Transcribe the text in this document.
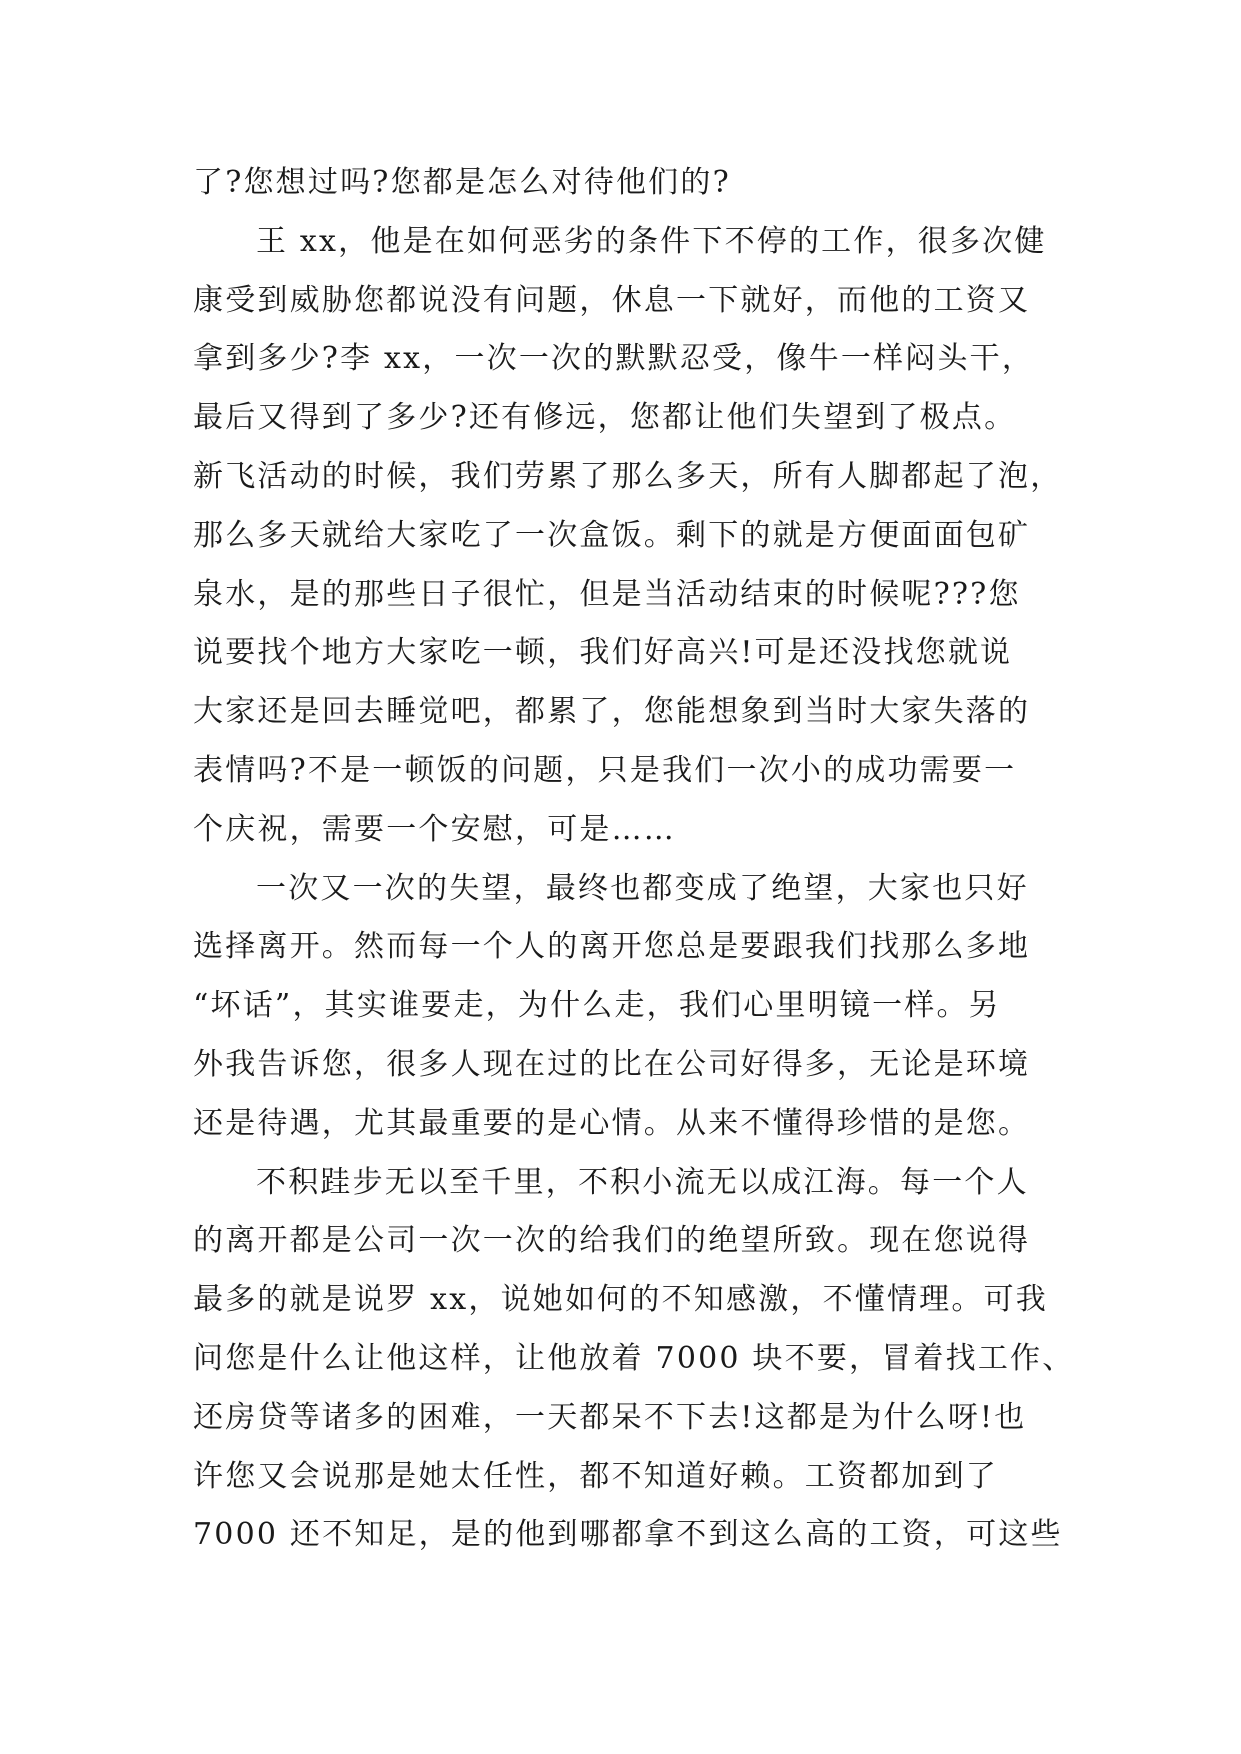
了?您想过吗?您都是怎么对待他们的?
王 xx，他是在如何恶劣的条件下不停的工作，很多次健
康受到威胁您都说没有问题，休息一下就好，而他的工资又
拿到多少?李 xx，一次一次的默默忍受，像牛一样闷头干，
最后又得到了多少?还有修远，您都让他们失望到了极点。
新飞活动的时候，我们劳累了那么多天，所有人脚都起了泡，
那么多天就给大家吃了一次盒饭。剩下的就是方便面面包矿
泉水，是的那些日子很忙，但是当活动结束的时候呢???您
说要找个地方大家吃一顿，我们好高兴!可是还没找您就说
大家还是回去睡觉吧，都累了，您能想象到当时大家失落的
表情吗?不是一顿饭的问题，只是我们一次小的成功需要一
个庆祝，需要一个安慰，可是……
一次又一次的失望，最终也都变成了绝望，大家也只好
选择离开。然而每一个人的离开您总是要跟我们找那么多地
“坏话”，其实谁要走，为什么走，我们心里明镜一样。另
外我告诉您，很多人现在过的比在公司好得多，无论是环境
还是待遇，尤其最重要的是心情。从来不懂得珍惜的是您。
不积跬步无以至千里，不积小流无以成江海。每一个人
的离开都是公司一次一次的给我们的绝望所致。现在您说得
最多的就是说罗 xx，说她如何的不知感激，不懂情理。可我
问您是什么让他这样，让他放着 7000 块不要，冒着找工作、
还房贷等诸多的困难，一天都呆不下去!这都是为什么呀!也
许您又会说那是她太任性，都不知道好赖。工资都加到了
7000 还不知足，是的他到哪都拿不到这么高的工资，可这些
